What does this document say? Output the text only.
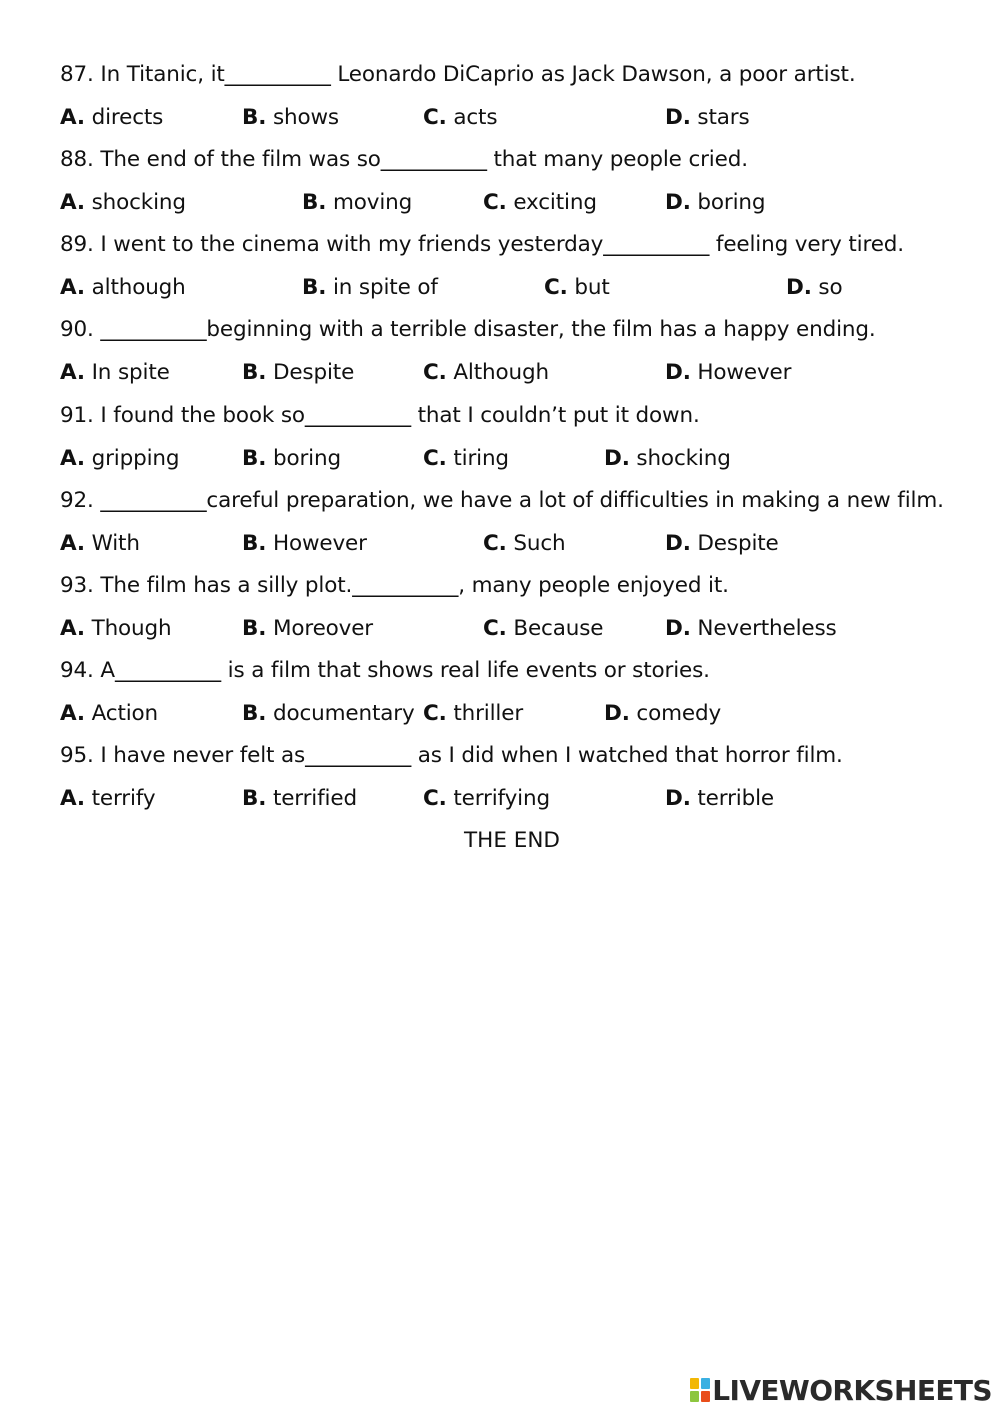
87. In Titanic, it__________ Leonardo DiCaprio as Jack Dawson, a poor artist.
A. directs	B. shows	C. acts	D. stars
88. The end of the film was so__________ that many people cried.
A. shocking	B. moving	C. exciting	D. boring
89. I went to the cinema with my friends yesterday__________ feeling very tired.
A. although	B. in spite of	C. but	D. so
90. __________beginning with a terrible disaster, the film has a happy ending.
A. In spite	B. Despite	C. Although	D. However
91. I found the book so__________ that I couldn’t put it down.
A. gripping	B. boring	C. tiring	D. shocking
92. __________careful preparation, we have a lot of difficulties in making a new film.
A. With	B. However	C. Such	D. Despite
93. The film has a silly plot.__________, many people enjoyed it.
A. Though	B. Moreover	C. Because	D. Nevertheless
94. A__________ is a film that shows real life events or stories.
A. Action	B. documentary C. thriller	D. comedy
95. I have never felt as__________ as I did when I watched that horror film.
A. terrify	B. terrified	C. terrifying	D. terrible
THE END
LIVEWORKSHEETS
